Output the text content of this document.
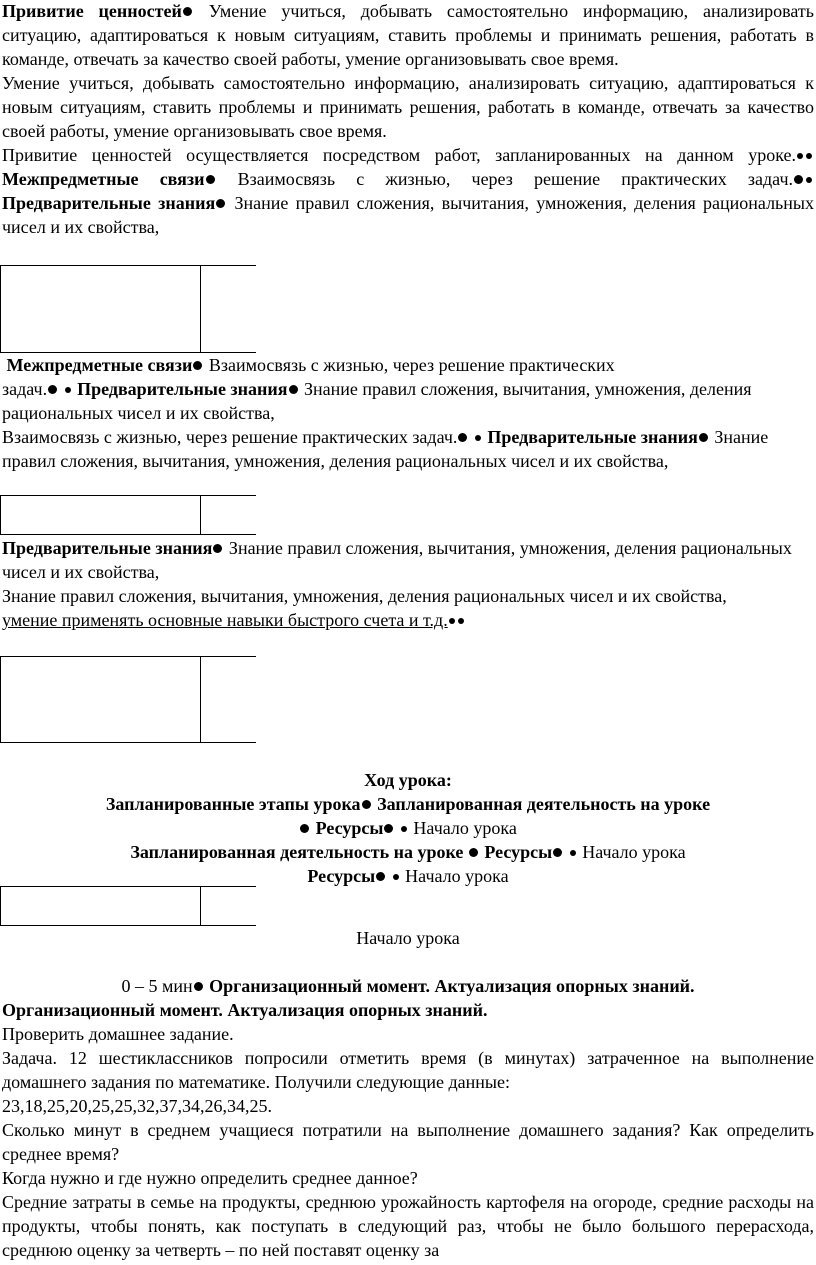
Привитие ценностей Умение учиться, добывать самостоятельно информацию, анализировать ситуацию, адаптироваться к новым ситуациям, ставить проблемы и принимать решения, работать в команде, отвечать за качество своей работы, умение организовывать свое время.

Умение учиться, добывать самостоятельно информацию, анализировать ситуацию, адаптироваться к новым ситуациям, ставить проблемы и принимать решения, работать в команде, отвечать за качество своей работы, умение организовывать свое время.

Привитие ценностей осуществляется посредством работ, запланированных на данном уроке. Межпредметные связи Взаимосвязь с жизнью, через решение практических задач. Предварительные знания Знание правил сложения, вычитания, умножения, деления рациональных чисел и их свойства,

Межпредметные связи Взаимосвязь с жизнью, через решение практических
задач. Предварительные знания Знание правил сложения, вычитания, умножения, деления рациональных чисел и их свойства,

Взаимосвязь с жизнью, через решение практических задач. Предварительные знания Знание правил сложения, вычитания, умножения, деления рациональных чисел и их свойства,

Предварительные знания Знание правил сложения, вычитания, умножения, деления рациональных чисел и их свойства,

Знание правил сложения, вычитания, умножения, деления рациональных чисел и их свойства,

умение применять основные навыки быстрого счета и т.д.

Ход урока:

Запланированные этапы урока Запланированная деятельность на уроке

Ресурсы  Начало урока

Запланированная деятельность на уроке Ресурсы  Начало урока

Ресурсы  Начало урока

Начало урока

0 – 5 мин Организационный момент. Актуализация опорных знаний.

Организационный момент. Актуализация опорных знаний.

Проверить домашнее задание.

Задача. 12 шестиклассников попросили отметить время (в минутах) затраченное на выполнение домашнего задания по математике. Получили следующие данные:

23,18,25,20,25,25,32,37,34,26,34,25.

Сколько минут в среднем учащиеся потратили на выполнение домашнего задания? Как определить среднее время?

Когда нужно и где нужно определить среднее данное?

Средние затраты в семье на продукты, среднюю урожайность картофеля на огороде, средние расходы на продукты, чтобы понять, как поступать в следующий раз, чтобы не было большого перерасхода, среднюю оценку за четверть – по ней поставят оценку за
